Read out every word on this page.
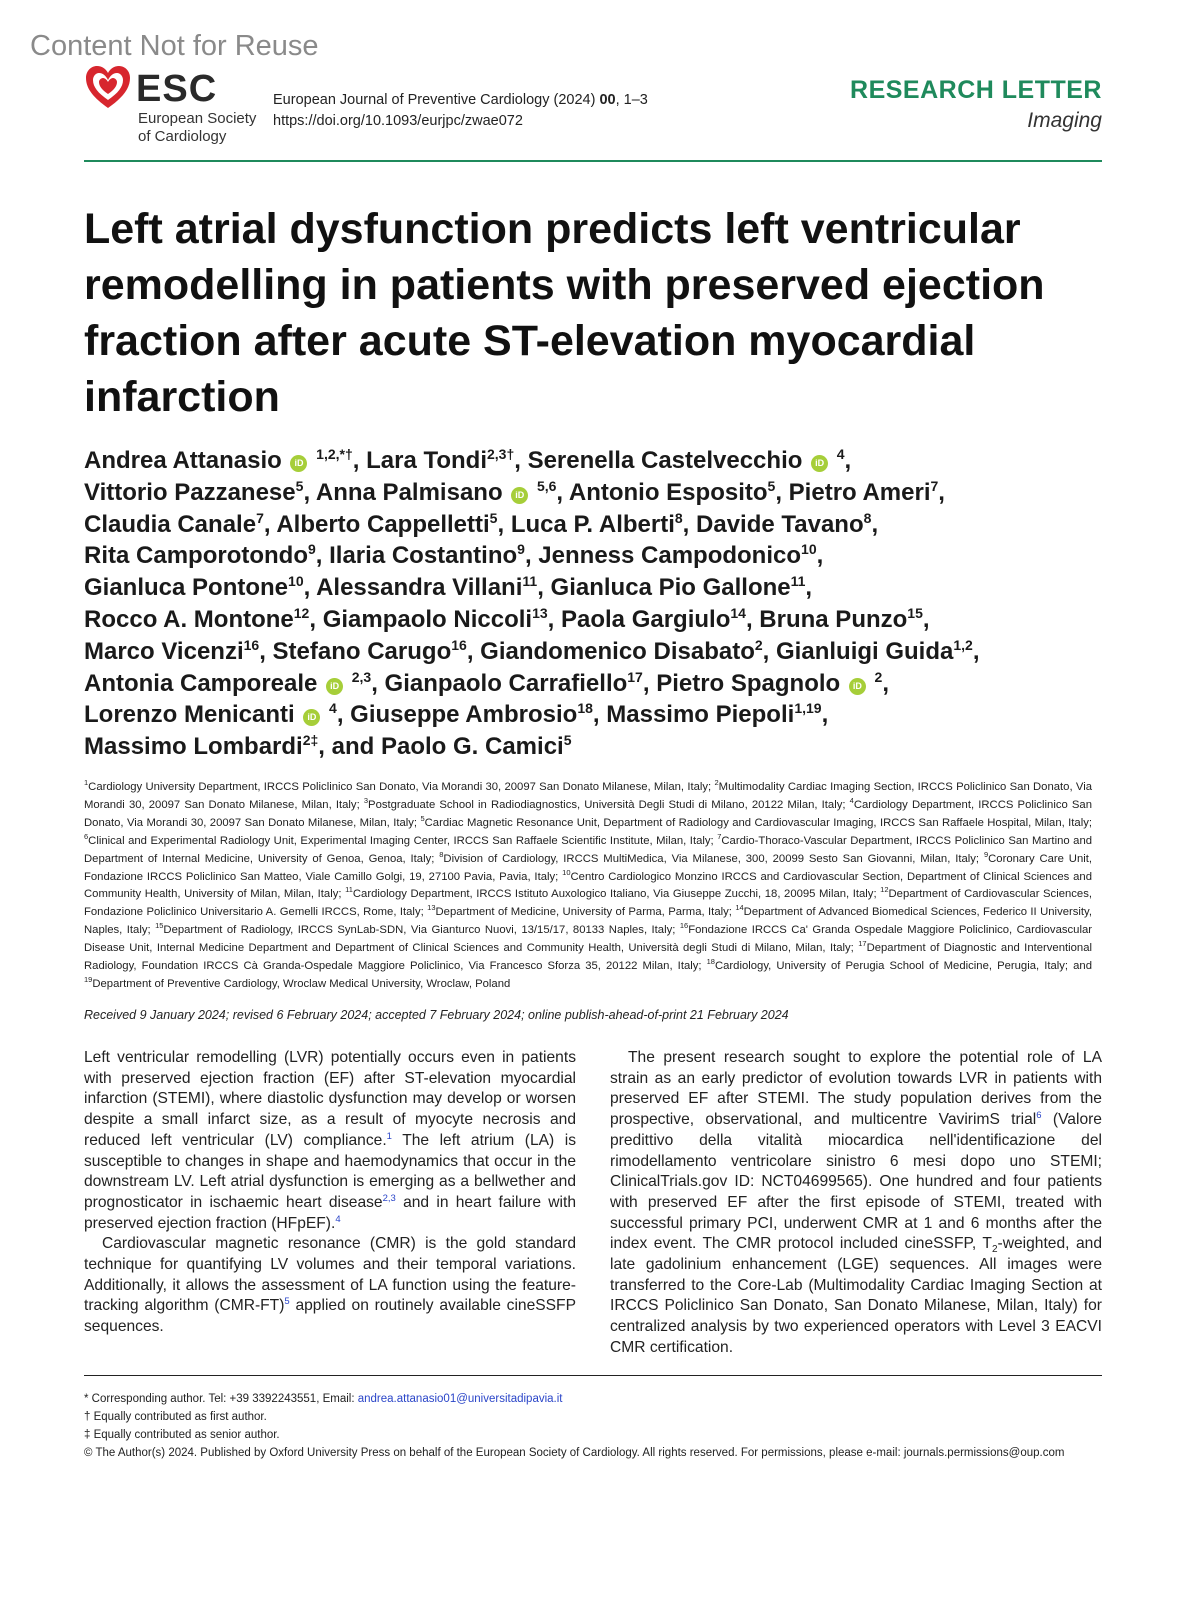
Content Not for Reuse
ESC
European Society
of Cardiology
European Journal of Preventive Cardiology (2024) 00, 1–3
https://doi.org/10.1093/eurjpc/zwae072
RESEARCH LETTER
Imaging
Left atrial dysfunction predicts left ventricular remodelling in patients with preserved ejection fraction after acute ST-elevation myocardial infarction
Andrea Attanasio iD $^{1,2,*\dagger}$, Lara Tondi$^{2,3\dagger}$, Serenella Castelvecchio iD $^4$,
Vittorio Pazzanese$^5$, Anna Palmisano iD $^{5,6}$, Antonio Esposito$^5$, Pietro Ameri$^7$,
Claudia Canale$^7$, Alberto Cappelletti$^5$, Luca P. Alberti$^8$, Davide Tavano$^8$,
Rita Camporotondo$^9$, Ilaria Costantino$^9$, Jenness Campodonico$^{10}$,
Gianluca Pontone$^{10}$, Alessandra Villani$^{11}$, Gianluca Pio Gallone$^{11}$,
Rocco A. Montone$^{12}$, Giampaolo Niccoli$^{13}$, Paola Gargiulo$^{14}$, Bruna Punzo$^{15}$,
Marco Vicenzi$^{16}$, Stefano Carugo$^{16}$, Giandomenico Disabato$^2$, Gianluigi Guida$^{1,2}$,
Antonia Camporeale iD $^{2,3}$, Gianpaolo Carrafiello$^{17}$, Pietro Spagnolo iD $^2$,
Lorenzo Menicanti iD $^4$, Giuseppe Ambrosio$^{18}$, Massimo Piepoli$^{1,19}$,
Massimo Lombardi$^{2\ddagger}$, and Paolo G. Camici$^5$
$^1$Cardiology University Department, IRCCS Policlinico San Donato, Via Morandi 30, 20097 San Donato Milanese, Milan, Italy; $^2$Multimodality Cardiac Imaging Section, IRCCS Policlinico San Donato, Via Morandi 30, 20097 San Donato Milanese, Milan, Italy; $^3$Postgraduate School in Radiodiagnostics, Università Degli Studi di Milano, 20122 Milan, Italy; $^4$Cardiology Department, IRCCS Policlinico San Donato, Via Morandi 30, 20097 San Donato Milanese, Milan, Italy; $^5$Cardiac Magnetic Resonance Unit, Department of Radiology and Cardiovascular Imaging, IRCCS San Raffaele Hospital, Milan, Italy; $^6$Clinical and Experimental Radiology Unit, Experimental Imaging Center, IRCCS San Raffaele Scientific Institute, Milan, Italy; $^7$Cardio-Thoraco-Vascular Department, IRCCS Policlinico San Martino and Department of Internal Medicine, University of Genoa, Genoa, Italy; $^8$Division of Cardiology, IRCCS MultiMedica, Via Milanese, 300, 20099 Sesto San Giovanni, Milan, Italy; $^9$Coronary Care Unit, Fondazione IRCCS Policlinico San Matteo, Viale Camillo Golgi, 19, 27100 Pavia, Pavia, Italy; $^{10}$Centro Cardiologico Monzino IRCCS and Cardiovascular Section, Department of Clinical Sciences and Community Health, University of Milan, Milan, Italy; $^{11}$Cardiology Department, IRCCS Istituto Auxologico Italiano, Via Giuseppe Zucchi, 18, 20095 Milan, Italy; $^{12}$Department of Cardiovascular Sciences, Fondazione Policlinico Universitario A. Gemelli IRCCS, Rome, Italy; $^{13}$Department of Medicine, University of Parma, Parma, Italy; $^{14}$Department of Advanced Biomedical Sciences, Federico II University, Naples, Italy; $^{15}$Department of Radiology, IRCCS SynLab-SDN, Via Gianturco Nuovi, 13/15/17, 80133 Naples, Italy; $^{16}$Fondazione IRCCS Ca' Granda Ospedale Maggiore Policlinico, Cardiovascular Disease Unit, Internal Medicine Department and Department of Clinical Sciences and Community Health, Università degli Studi di Milano, Milan, Italy; $^{17}$Department of Diagnostic and Interventional Radiology, Foundation IRCCS Cà Granda-Ospedale Maggiore Policlinico, Via Francesco Sforza 35, 20122 Milan, Italy; $^{18}$Cardiology, University of Perugia School of Medicine, Perugia, Italy; and $^{19}$Department of Preventive Cardiology, Wroclaw Medical University, Wroclaw, Poland
Received 9 January 2024; revised 6 February 2024; accepted 7 February 2024; online publish-ahead-of-print 21 February 2024

Left ventricular remodelling (LVR) potentially occurs even in patients with preserved ejection fraction (EF) after ST-elevation myocardial infarction (STEMI), where diastolic dysfunction may develop or worsen despite a small infarct size, as a result of myocyte necrosis and reduced left ventricular (LV) compliance.$^1$ The left atrium (LA) is susceptible to changes in shape and haemodynamics that occur in the downstream LV. Left atrial dysfunction is emerging as a bellwether and prognosticator in ischaemic heart disease$^{2,3}$ and in heart failure with preserved ejection fraction (HFpEF).$^4$

Cardiovascular magnetic resonance (CMR) is the gold standard technique for quantifying LV volumes and their temporal variations. Additionally, it allows the assessment of LA function using the feature-tracking algorithm $(CMR-FT)^5$ applied on routinely available cineSSFP sequences.

The present research sought to explore the potential role of LA strain as an early predictor of evolution towards LVR in patients with preserved EF after STEMI. The study population derives from the prospective, observational, and multicentre VavirimS trial$^6$ (Valore predittivo della vitalità miocardica nell'identificazione del rimodellamento ventricolare sinistro 6 mesi dopo uno STEMI; ClinicalTrials.gov ID: NCT04699565). One hundred and four patients with preserved EF after the first episode of STEMI, treated with successful primary PCI, underwent CMR at 1 and 6 months after the index event. The CMR protocol included cineSSFP, $T_2$-weighted, and late gadolinium enhancement (LGE) sequences. All images were transferred to the Core-Lab (Multimodality Cardiac Imaging Section at IRCCS Policlinico San Donato, San Donato Milanese, Milan, Italy) for centralized analysis by two experienced operators with Level 3 EACVI CMR certification.

* Corresponding author. Tel: +39 3392243551, Email: andrea.attanasio01@universitadipavia.it
† Equally contributed as first author.
‡ Equally contributed as senior author.
© The Author(s) 2024. Published by Oxford University Press on behalf of the European Society of Cardiology. All rights reserved. For permissions, please e-mail: journals.permissions@oup.com
